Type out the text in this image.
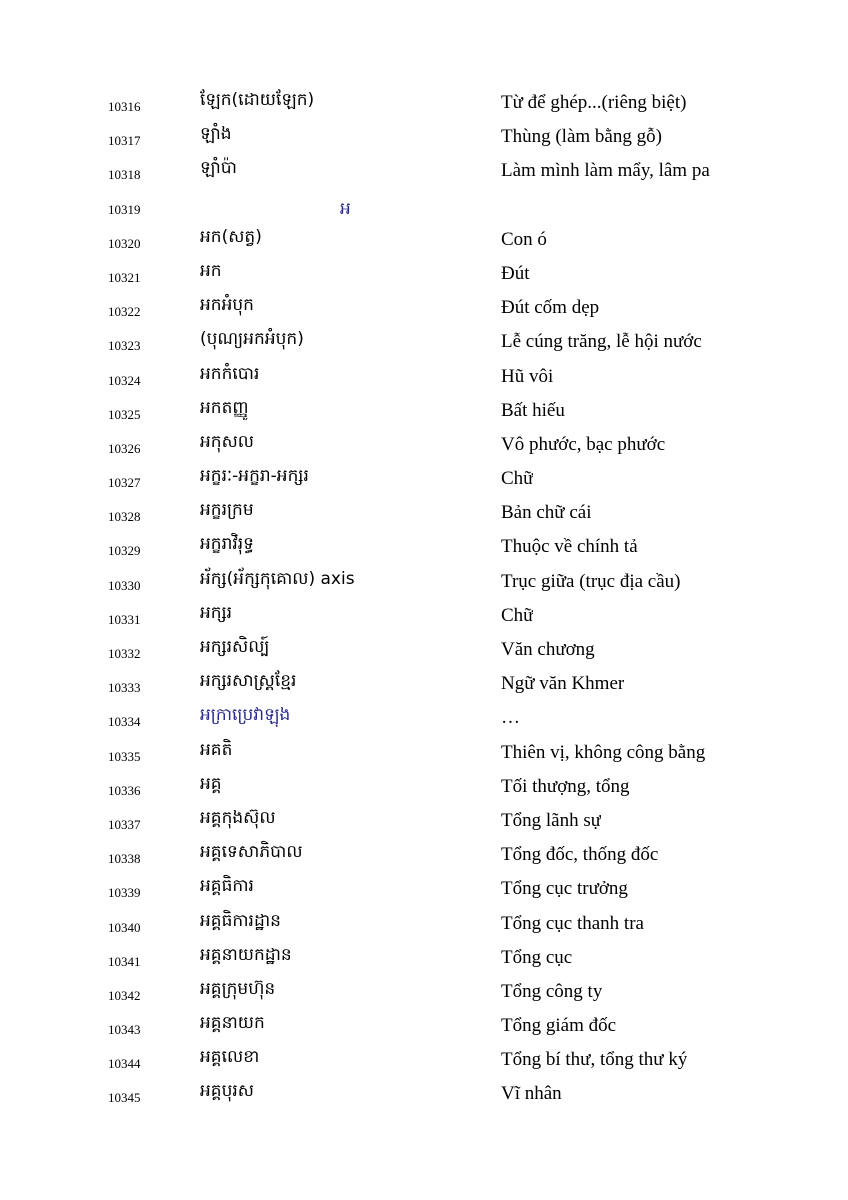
10316	ឡែក(ដោយឡែក)	Từ để ghép...(riêng biệt)
10317	ឡាំង	Thùng (làm bằng gỗ)
10318	ឡាំប៉ា	Làm mình làm mẩy, lâm pa
10319	អ
10320	អក(សត្វ)	Con ó
10321	អក	Đút
10322	អកអំបុក	Đút cốm dẹp
10323	(បុណ្យអកអំបុក)	Lễ cúng trăng, lễ hội nước
10324	អកកំបោរ	Hũ vôi
10325	អកតញ្ញូ	Bất hiếu
10326	អកុសល	Vô phước, bạc phước
10327	អក្ខរៈ-អក្ខរា-អក្សរ	Chữ
10328	អក្ខរក្រម	Bản chữ cái
10329	អក្ខរាវិរុទ្ធ	Thuộc về chính tả
10330	អ័ក្ស(អ័ក្សកុគោល) axis	Trục giữa (trục địa cầu)
10331	អក្សរ	Chữ
10332	អក្សរសិល្ប៍	Văn chương
10333	អក្សរសាស្ត្រខ្មែរ	Ngữ văn Khmer
10334	អក្រាប្រេវាឡុង	…
10335	អគតិ	Thiên vị, không công bằng
10336	អគ្គ	Tối thượng, tổng
10337	អគ្គកុងស៊ុល	Tổng lãnh sự
10338	អគ្គទេសាភិបាល	Tổng đốc, thống đốc
10339	អគ្គធិការ	Tổng cục trưởng
10340	អគ្គធិការដ្ឋាន	Tổng cục thanh tra
10341	អគ្គនាយកដ្ឋាន	Tổng cục
10342	អគ្គក្រុមហ៊ុន	Tổng công ty
10343	អគ្គនាយក	Tổng giám đốc
10344	អគ្គលេខា	Tổng bí thư, tổng thư ký
10345	អគ្គបុរស	Vĩ nhân
